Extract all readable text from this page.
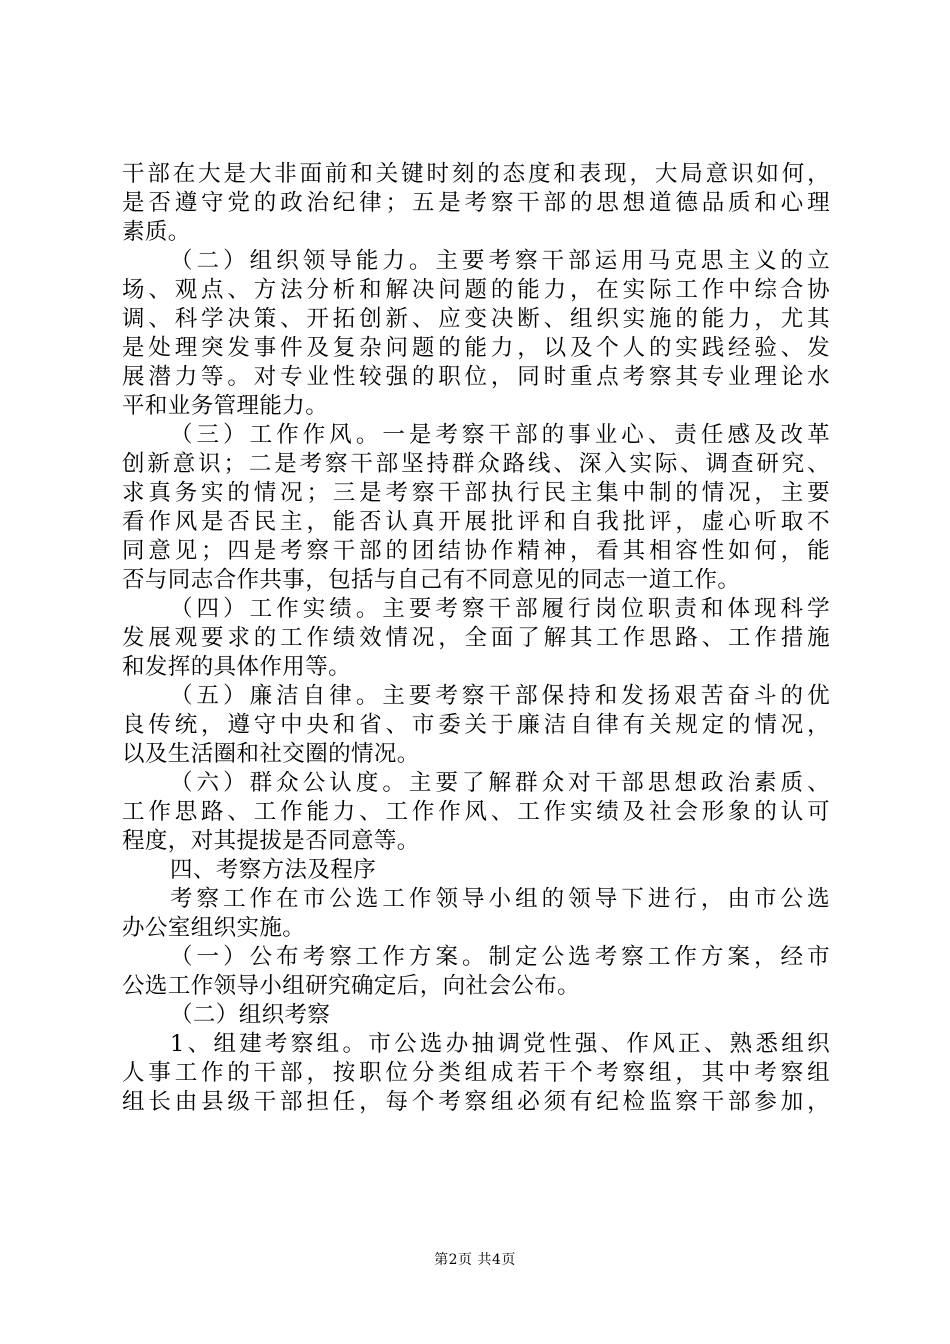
干部在大是大非面前和关键时刻的态度和表现，大局意识如何，
是否遵守党的政治纪律；五是考察干部的思想道德品质和心理
素质。
（二）组织领导能力。主要考察干部运用马克思主义的立
场、观点、方法分析和解决问题的能力，在实际工作中综合协
调、科学决策、开拓创新、应变决断、组织实施的能力，尤其
是处理突发事件及复杂问题的能力，以及个人的实践经验、发
展潜力等。对专业性较强的职位，同时重点考察其专业理论水
平和业务管理能力。
（三）工作作风。一是考察干部的事业心、责任感及改革
创新意识；二是考察干部坚持群众路线、深入实际、调查研究、
求真务实的情况；三是考察干部执行民主集中制的情况，主要
看作风是否民主，能否认真开展批评和自我批评，虚心听取不
同意见；四是考察干部的团结协作精神，看其相容性如何，能
否与同志合作共事，包括与自己有不同意见的同志一道工作。
（四）工作实绩。主要考察干部履行岗位职责和体现科学
发展观要求的工作绩效情况，全面了解其工作思路、工作措施
和发挥的具体作用等。
（五）廉洁自律。主要考察干部保持和发扬艰苦奋斗的优
良传统，遵守中央和省、市委关于廉洁自律有关规定的情况，
以及生活圈和社交圈的情况。
（六）群众公认度。主要了解群众对干部思想政治素质、
工作思路、工作能力、工作作风、工作实绩及社会形象的认可
程度，对其提拔是否同意等。
四、考察方法及程序
考察工作在市公选工作领导小组的领导下进行，由市公选
办公室组织实施。
（一）公布考察工作方案。制定公选考察工作方案，经市
公选工作领导小组研究确定后，向社会公布。
（二）组织考察
1、组建考察组。市公选办抽调党性强、作风正、熟悉组织
人事工作的干部，按职位分类组成若干个考察组，其中考察组
组长由县级干部担任，每个考察组必须有纪检监察干部参加，
第2页 共4页
